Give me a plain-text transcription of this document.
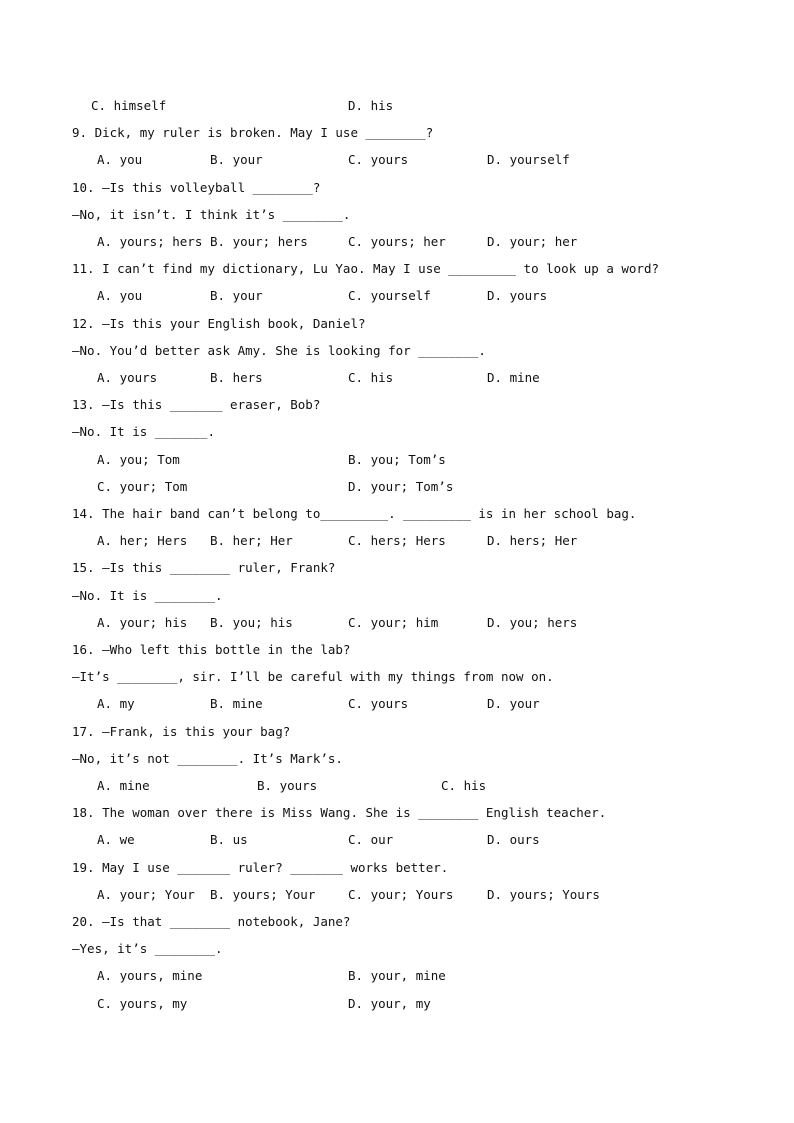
C. himself	D. his
9. Dick, my ruler is broken. May I use ________?
A. you	B. your	C. yours	D. yourself
10. —Is this volleyball ________?
—No, it isn’t. I think it’s ________.
A. yours; hers B. your; hers	C. yours; her	D. your; her
11. I can’t find my dictionary, Lu Yao. May I use _________ to look up a word?
A. you	B. your	C. yourself	D. yours
12. —Is this your English book, Daniel?
—No. You’d better ask Amy. She is looking for ________.
A. yours	B. hers	C. his	D. mine
13. —Is this _______ eraser, Bob?
—No. It is _______.
A. you; Tom	B. you; Tom’s
C. your; Tom	D. your; Tom’s
14. The hair band can’t belong to_________. _________ is in her school bag.
A. her; Hers B. her; Her	C. hers; Hers	D. hers; Her
15. —Is this ________ ruler, Frank?
—No. It is ________.
A. your; his B. you; his	C. your; him	D. you; hers
16. —Who left this bottle in the lab?
—It’s ________, sir. I’ll be careful with my things from now on.
A. my	B. mine	C. yours	D. your
17. —Frank, is this your bag?
—No, it’s not ________. It’s Mark’s.
A. mine	B. yours	C. his
18. The woman over there is Miss Wang. She is ________ English teacher.
A. we	B. us	C. our	D. ours
19. May I use _______ ruler? _______ works better.
A. your; Your B. yours; Your	C. your; Yours	D. yours; Yours
20. —Is that ________ notebook, Jane?
—Yes, it’s ________.
A. yours, mine	B. your, mine
C. yours, my	D. your, my
